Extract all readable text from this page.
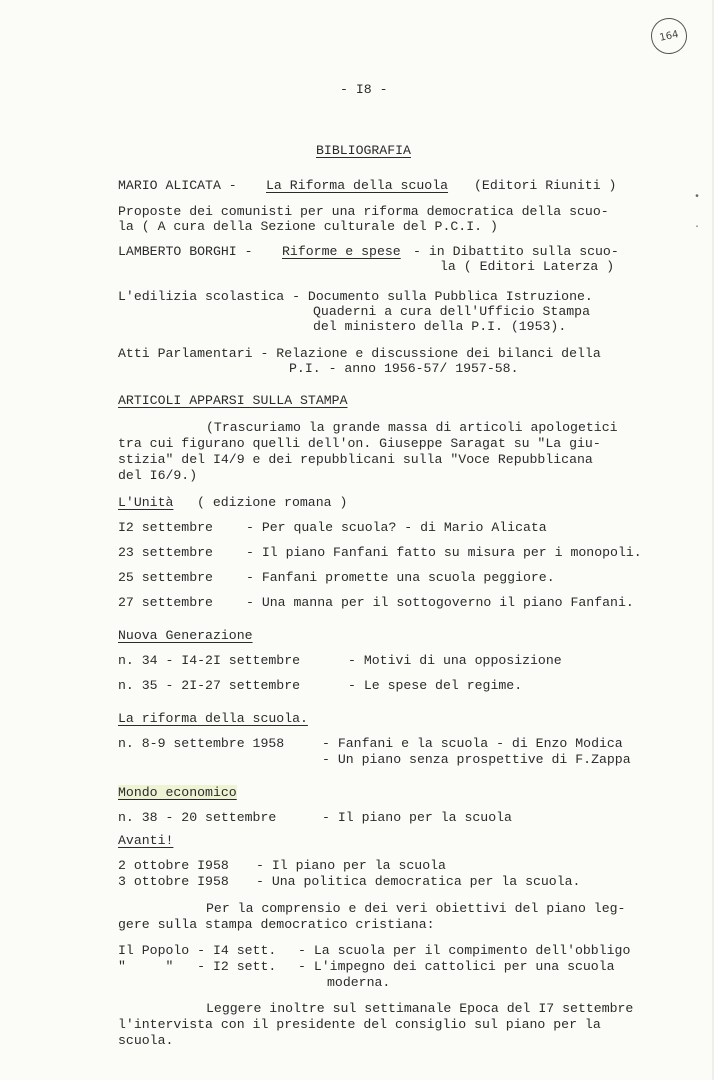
164
•
·
- I8 -
BIBLIOGRAFIA
MARIO ALICATA - La Riforma della scuola (Editori Riuniti )
Proposte dei comunisti per una riforma democratica della scuo-
la ( A cura della Sezione culturale del P.C.I. )
LAMBERTO BORGHI - Riforme e spese - in Dibattito sulla scuo-
la ( Editori Laterza )
L'edilizia scolastica - Documento sulla Pubblica Istruzione.
Quaderni a cura dell'Ufficio Stampa
del ministero della P.I. (1953).
Atti Parlamentari - Relazione e discussione dei bilanci della
P.I. - anno 1956-57/ 1957-58.
ARTICOLI APPARSI SULLA STAMPA
(Trascuriamo la grande massa di articoli apologetici
tra cui figurano quelli dell'on. Giuseppe Saragat su "La giu-
stizia" del I4/9 e dei repubblicani sulla "Voce Repubblicana
del I6/9.)
L'Unità ( edizione romana )
I2 settembre	- Per quale scuola? - di Mario Alicata
23 settembre	- Il piano Fanfani fatto su misura per i monopoli.
25 settembre	- Fanfani promette una scuola peggiore.
27 settembre	- Una manna per il sottogoverno il piano Fanfani.
Nuova Generazione
n. 34 - I4-2I settembre	- Motivi di una opposizione
n. 35 - 2I-27 settembre	- Le spese del regime.
La riforma della scuola.
n. 8-9 settembre 1958	- Fanfani e la scuola - di Enzo Modica
- Un piano senza prospettive di F.Zappa
Mondo economico
n. 38 - 20 settembre	- Il piano per la scuola
Avanti!
2 ottobre I958 - Il piano per la scuola
3 ottobre I958 - Una politica democratica per la scuola.
Per la comprensio e dei veri obiettivi del piano leg-
gere sulla stampa democratico cristiana:
Il Popolo - I4 sett. - La scuola per il compimento dell'obbligo
"     "   - I2 sett. - L'impegno dei cattolici per una scuola
moderna.
Leggere inoltre sul settimanale Epoca del I7 settembre
l'intervista con il presidente del consiglio sul piano per la
scuola.
